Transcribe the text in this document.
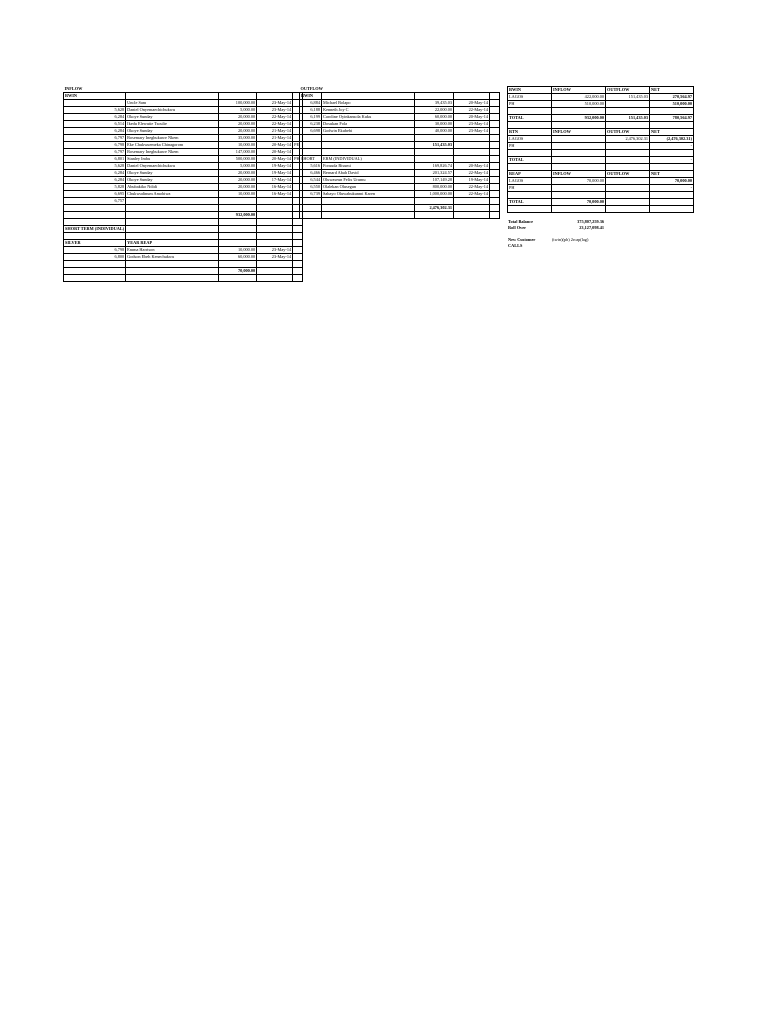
INFLOW				
RWIN				
	Uncle Sam	100,000.00	23-May-14	
5,628	Daniel Onyemaechichukwu	5,000.00	23-May-14	
6,284	Okoye Sunday	20,000.00	22-May-14	
6,514	Ikedu Elewutie Tsoulie	20,000.00	22-May-14	
6,284	Okoye Sunday	20,000.00	21-May-14	
6,797	Rosemary Inegbukuwe Nkem	35,000.00	21-May-14	
6,798	Eke Chukwuemeka Chinagorom	10,000.00	20-May-14	PE
6,797	Rosemary Inegbukuwe Nkem	147,000.00	20-May-14	
6,801	Stanley Imbu	500,000.00	20-May-14	PH
5,628	Daniel Onyemaechichukwu	5,000.00	19-May-14	
6,284	Okoye Sunday	20,000.00	19-May-14	
6,284	Okoye Sunday	20,000.00	17-May-14	
5,828	Abubakiko Ndidi	20,000.00	16-May-14	
6,695	Chukwudinum Amobiwa	10,000.00	16-May-14	
6,757				

		932,000.00		

SHORT TERM (INDIVIDUAL)				

SILVER	YEAR REAP			
6,798	Emma Harrison	10,000.00	23-May-14	
6,800	Godson Ebeh Kenechukwu	60,000.00	23-May-14	

		70,000.00		

OUTFLOW				
RWIN				
6,884	Michael Bolapo	39,435.03	20-May-14	
6,188	Kenneth Joy C	22,000.00	22-May-14	
6,199	Caroline Oyinkansola Kuku	60,000.00	20-May-14	
6,238	Dosukan Fola	30,000.00	23-May-14	
6,698	Godwin Ekubebi	40,000.00	23-May-14	

		151,435.03		

SHORT	ERM (INDIVIDUAL)			
5,616	Foruuda Bisumi	169,826.74	20-May-14	
6,466	Bernard Abah David	201,324.57	22-May-14	
6,544	Oluwaseun Felix Urumu	107,149.28	19-May-14	
6,550	Olalekan Olusegun	800,000.00	22-May-14	
6,739	Sabayo Oluwabukunmi Karen	1,000,000.00	22-May-14	

		2,476,302.31		

RWIN	INFLOW	OUTFLOW	NET
LAGOS	422,000.00	151,435.03	270,564.97
PH	510,000.00		510,000.00

TOTAL	932,000.00	151,435.03	780,564.97

RTN	INFLOW	OUTFLOW	NET
LAGOS		2,476,302.31	(2,476,302.31)
PH			-

TOTAL			-

REAP	INFLOW	OUTFLOW	NET
LAGOS	70,000.00		70,000.00
PH			-

TOTAL	70,000.00		

Total Balance	375,807,259.36
Roll Over	23,127,098.41

New Customer	(twin)(ph) 2rcap(lag)
CALLS	
